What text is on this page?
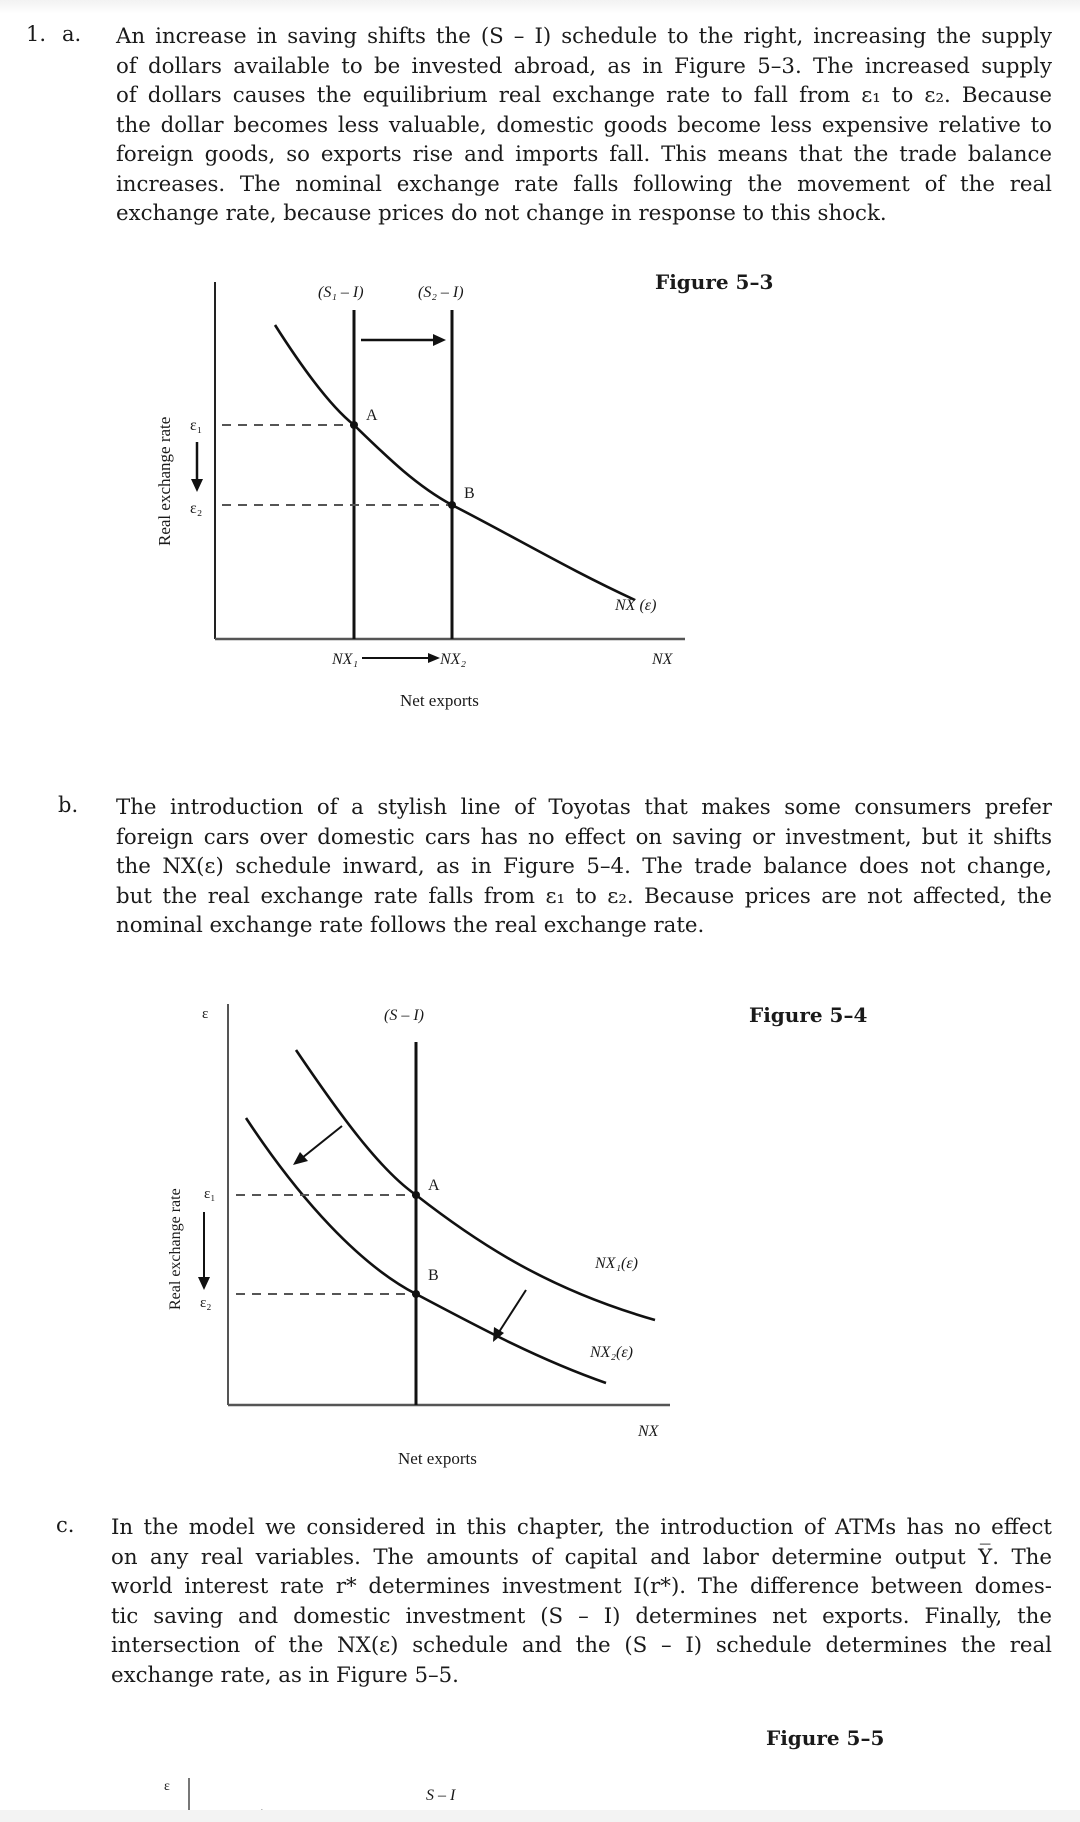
1. a. An increase in saving shifts the (S – I) schedule to the right, increasing the supply
of dollars available to be invested abroad, as in Figure 5–3. The increased supply
of dollars causes the equilibrium real exchange rate to fall from ε₁ to ε₂. Because
the dollar becomes less valuable, domestic goods become less expensive relative to
foreign goods, so exports rise and imports fall. This means that the trade balance
increases. The nominal exchange rate falls following the movement of the real
exchange rate, because prices do not change in response to this shock.
Figure 5–3
A
B
(S₁ – I)	(S₂ – I)
ε₁
ε₂
Real exchange rate
NX (ε)
NX₁	NX₂	NX
Net exports
b. The introduction of a stylish line of Toyotas that makes some consumers prefer
foreign cars over domestic cars has no effect on saving or investment, but it shifts
the NX(ε) schedule inward, as in Figure 5–4. The trade balance does not change,
but the real exchange rate falls from ε₁ to ε₂. Because prices are not affected, the
nominal exchange rate follows the real exchange rate.
Figure 5–4
A
B
(S – I)
ε
ε₁
ε₂
Real exchange rate	NX₁(ε)
NX₂(ε)
NX
Net exports
c. In the model we considered in this chapter, the introduction of ATMs has no effect
on any real variables. The amounts of capital and labor determine output Y̅. The
world interest rate r* determines investment I(r*). The difference between domes-
tic saving and domestic investment (S – I) determines net exports. Finally, the
intersection of the NX(ε) schedule and the (S – I) schedule determines the real
exchange rate, as in Figure 5–5.
Figure 5–5
ε
S – I
